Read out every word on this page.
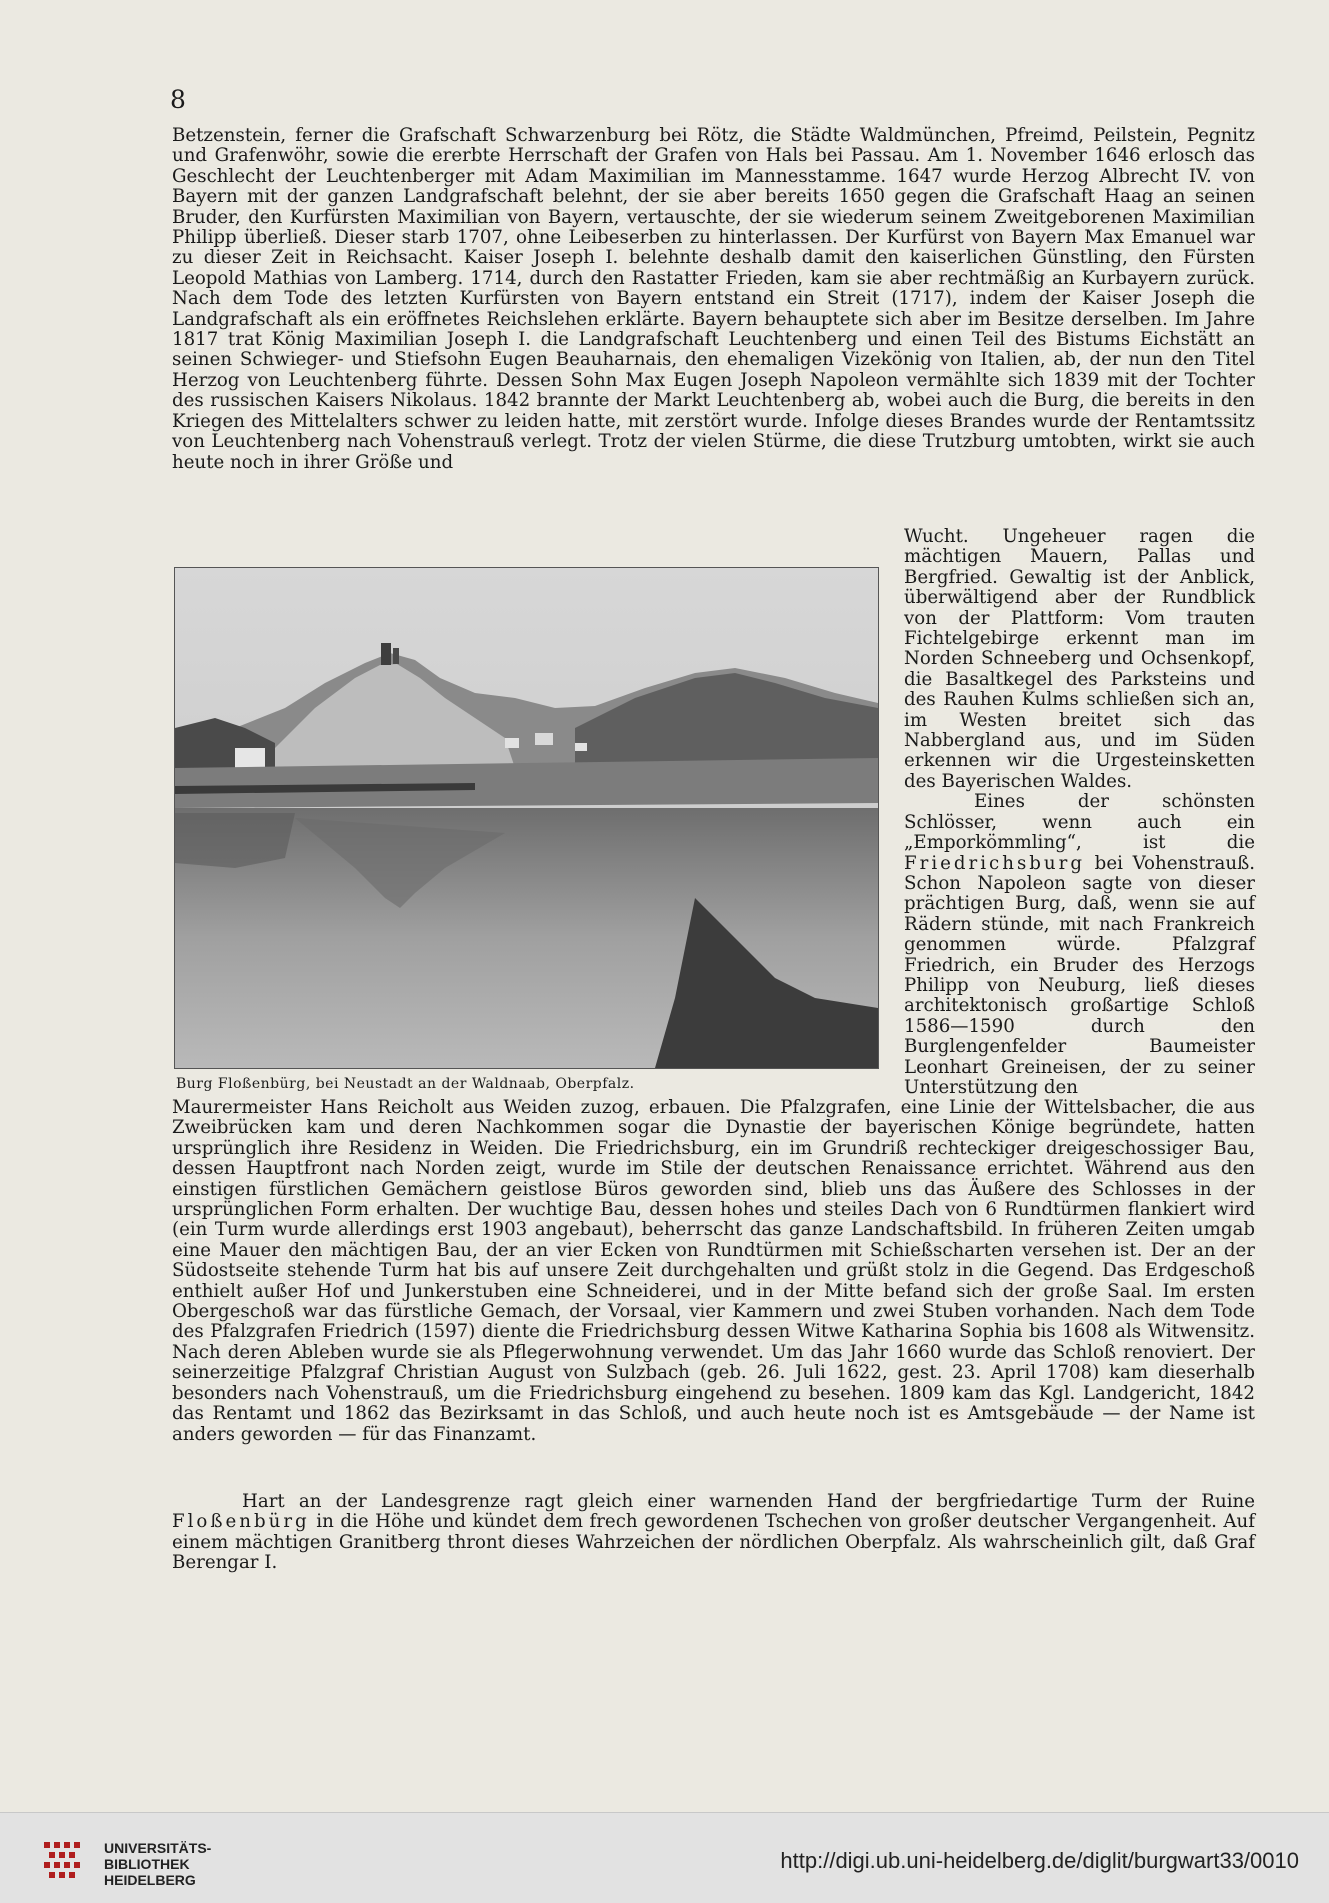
8

Betzenstein, ferner die Grafschaft Schwarzenburg bei Rötz, die Städte Waldmünchen, Pfreimd, Peilstein, Pegnitz und Grafenwöhr, sowie die ererbte Herrschaft der Grafen von Hals bei Passau. Am 1. November 1646 erlosch das Geschlecht der Leuchtenberger mit Adam Maximilian im Mannesstamme. 1647 wurde Herzog Albrecht IV. von Bayern mit der ganzen Landgrafschaft belehnt, der sie aber bereits 1650 gegen die Grafschaft Haag an seinen Bruder, den Kurfürsten Maximilian von Bayern, vertauschte, der sie wiederum seinem Zweitgeborenen Maximilian Philipp überließ. Dieser starb 1707, ohne Leibeserben zu hinterlassen. Der Kurfürst von Bayern Max Emanuel war zu dieser Zeit in Reichsacht. Kaiser Joseph I. belehnte deshalb damit den kaiserlichen Günstling, den Fürsten Leopold Mathias von Lamberg. 1714, durch den Rastatter Frieden, kam sie aber rechtmäßig an Kurbayern zurück. Nach dem Tode des letzten Kurfürsten von Bayern entstand ein Streit (1717), indem der Kaiser Joseph die Landgrafschaft als ein eröffnetes Reichslehen erklärte. Bayern behauptete sich aber im Besitze derselben. Im Jahre 1817 trat König Maximilian Joseph I. die Landgrafschaft Leuchtenberg und einen Teil des Bistums Eichstätt an seinen Schwieger- und Stiefsohn Eugen Beauharnais, den ehemaligen Vizekönig von Italien, ab, der nun den Titel Herzog von Leuchtenberg führte. Dessen Sohn Max Eugen Joseph Napoleon vermählte sich 1839 mit der Tochter des russischen Kaisers Nikolaus. 1842 brannte der Markt Leuchtenberg ab, wobei auch die Burg, die bereits in den Kriegen des Mittelalters schwer zu leiden hatte, mit zerstört wurde. Infolge dieses Brandes wurde der Rentamtssitz von Leuchtenberg nach Vohenstrauß verlegt. Trotz der vielen Stürme, die diese Trutzburg umtobten, wirkt sie auch heute noch in ihrer Größe und

Burg Floßenbürg, bei Neustadt an der Waldnaab, Oberpfalz.

Wucht. Ungeheuer ragen die mächtigen Mauern, Pallas und Bergfried. Gewaltig ist der Anblick, überwältigend aber der Rundblick von der Plattform: Vom trauten Fichtelgebirge erkennt man im Norden Schneeberg und Ochsenkopf, die Basaltkegel des Parksteins und des Rauhen Kulms schließen sich an, im Westen breitet sich das Nabbergland aus, und im Süden erkennen wir die Urgesteinsketten des Bayerischen Waldes.

Eines der schönsten Schlösser, wenn auch ein „Emporkömmling“, ist die Friedrichsburg bei Vohenstrauß. Schon Napoleon sagte von dieser prächtigen Burg, daß, wenn sie auf Rädern stünde, mit nach Frankreich genommen würde. Pfalzgraf Friedrich, ein Bruder des Herzogs Philipp von Neuburg, ließ dieses architektonisch großartige Schloß 1586—1590 durch den Burglengenfelder Baumeister Leonhart Greineisen, der zu seiner Unterstützung den

Maurermeister Hans Reicholt aus Weiden zuzog, erbauen. Die Pfalzgrafen, eine Linie der Wittelsbacher, die aus Zweibrücken kam und deren Nachkommen sogar die Dynastie der bayerischen Könige begründete, hatten ursprünglich ihre Residenz in Weiden. Die Friedrichsburg, ein im Grundriß rechteckiger dreigeschossiger Bau, dessen Hauptfront nach Norden zeigt, wurde im Stile der deutschen Renaissance errichtet. Während aus den einstigen fürstlichen Gemächern geistlose Büros geworden sind, blieb uns das Äußere des Schlosses in der ursprünglichen Form erhalten. Der wuchtige Bau, dessen hohes und steiles Dach von 6 Rundtürmen flankiert wird (ein Turm wurde allerdings erst 1903 angebaut), beherrscht das ganze Landschaftsbild. In früheren Zeiten umgab eine Mauer den mächtigen Bau, der an vier Ecken von Rundtürmen mit Schießscharten versehen ist. Der an der Südostseite stehende Turm hat bis auf unsere Zeit durchgehalten und grüßt stolz in die Gegend. Das Erdgeschoß enthielt außer Hof und Junkerstuben eine Schneiderei, und in der Mitte befand sich der große Saal. Im ersten Obergeschoß war das fürstliche Gemach, der Vorsaal, vier Kammern und zwei Stuben vorhanden. Nach dem Tode des Pfalzgrafen Friedrich (1597) diente die Friedrichsburg dessen Witwe Katharina Sophia bis 1608 als Witwensitz. Nach deren Ableben wurde sie als Pflegerwohnung verwendet. Um das Jahr 1660 wurde das Schloß renoviert. Der seinerzeitige Pfalzgraf Christian August von Sulzbach (geb. 26. Juli 1622, gest. 23. April 1708) kam dieserhalb besonders nach Vohenstrauß, um die Friedrichsburg eingehend zu besehen. 1809 kam das Kgl. Landgericht, 1842 das Rentamt und 1862 das Bezirksamt in das Schloß, und auch heute noch ist es Amtsgebäude — der Name ist anders geworden — für das Finanzamt.

Hart an der Landesgrenze ragt gleich einer warnenden Hand der bergfriedartige Turm der Ruine Floßenbürg in die Höhe und kündet dem frech gewordenen Tschechen von großer deutscher Vergangenheit. Auf einem mächtigen Granitberg thront dieses Wahrzeichen der nördlichen Oberpfalz. Als wahrscheinlich gilt, daß Graf Berengar I.

UNIVERSITÄTS-
BIBLIOTHEK
HEIDELBERG
http://digi.ub.uni-heidelberg.de/diglit/burgwart33/0010
